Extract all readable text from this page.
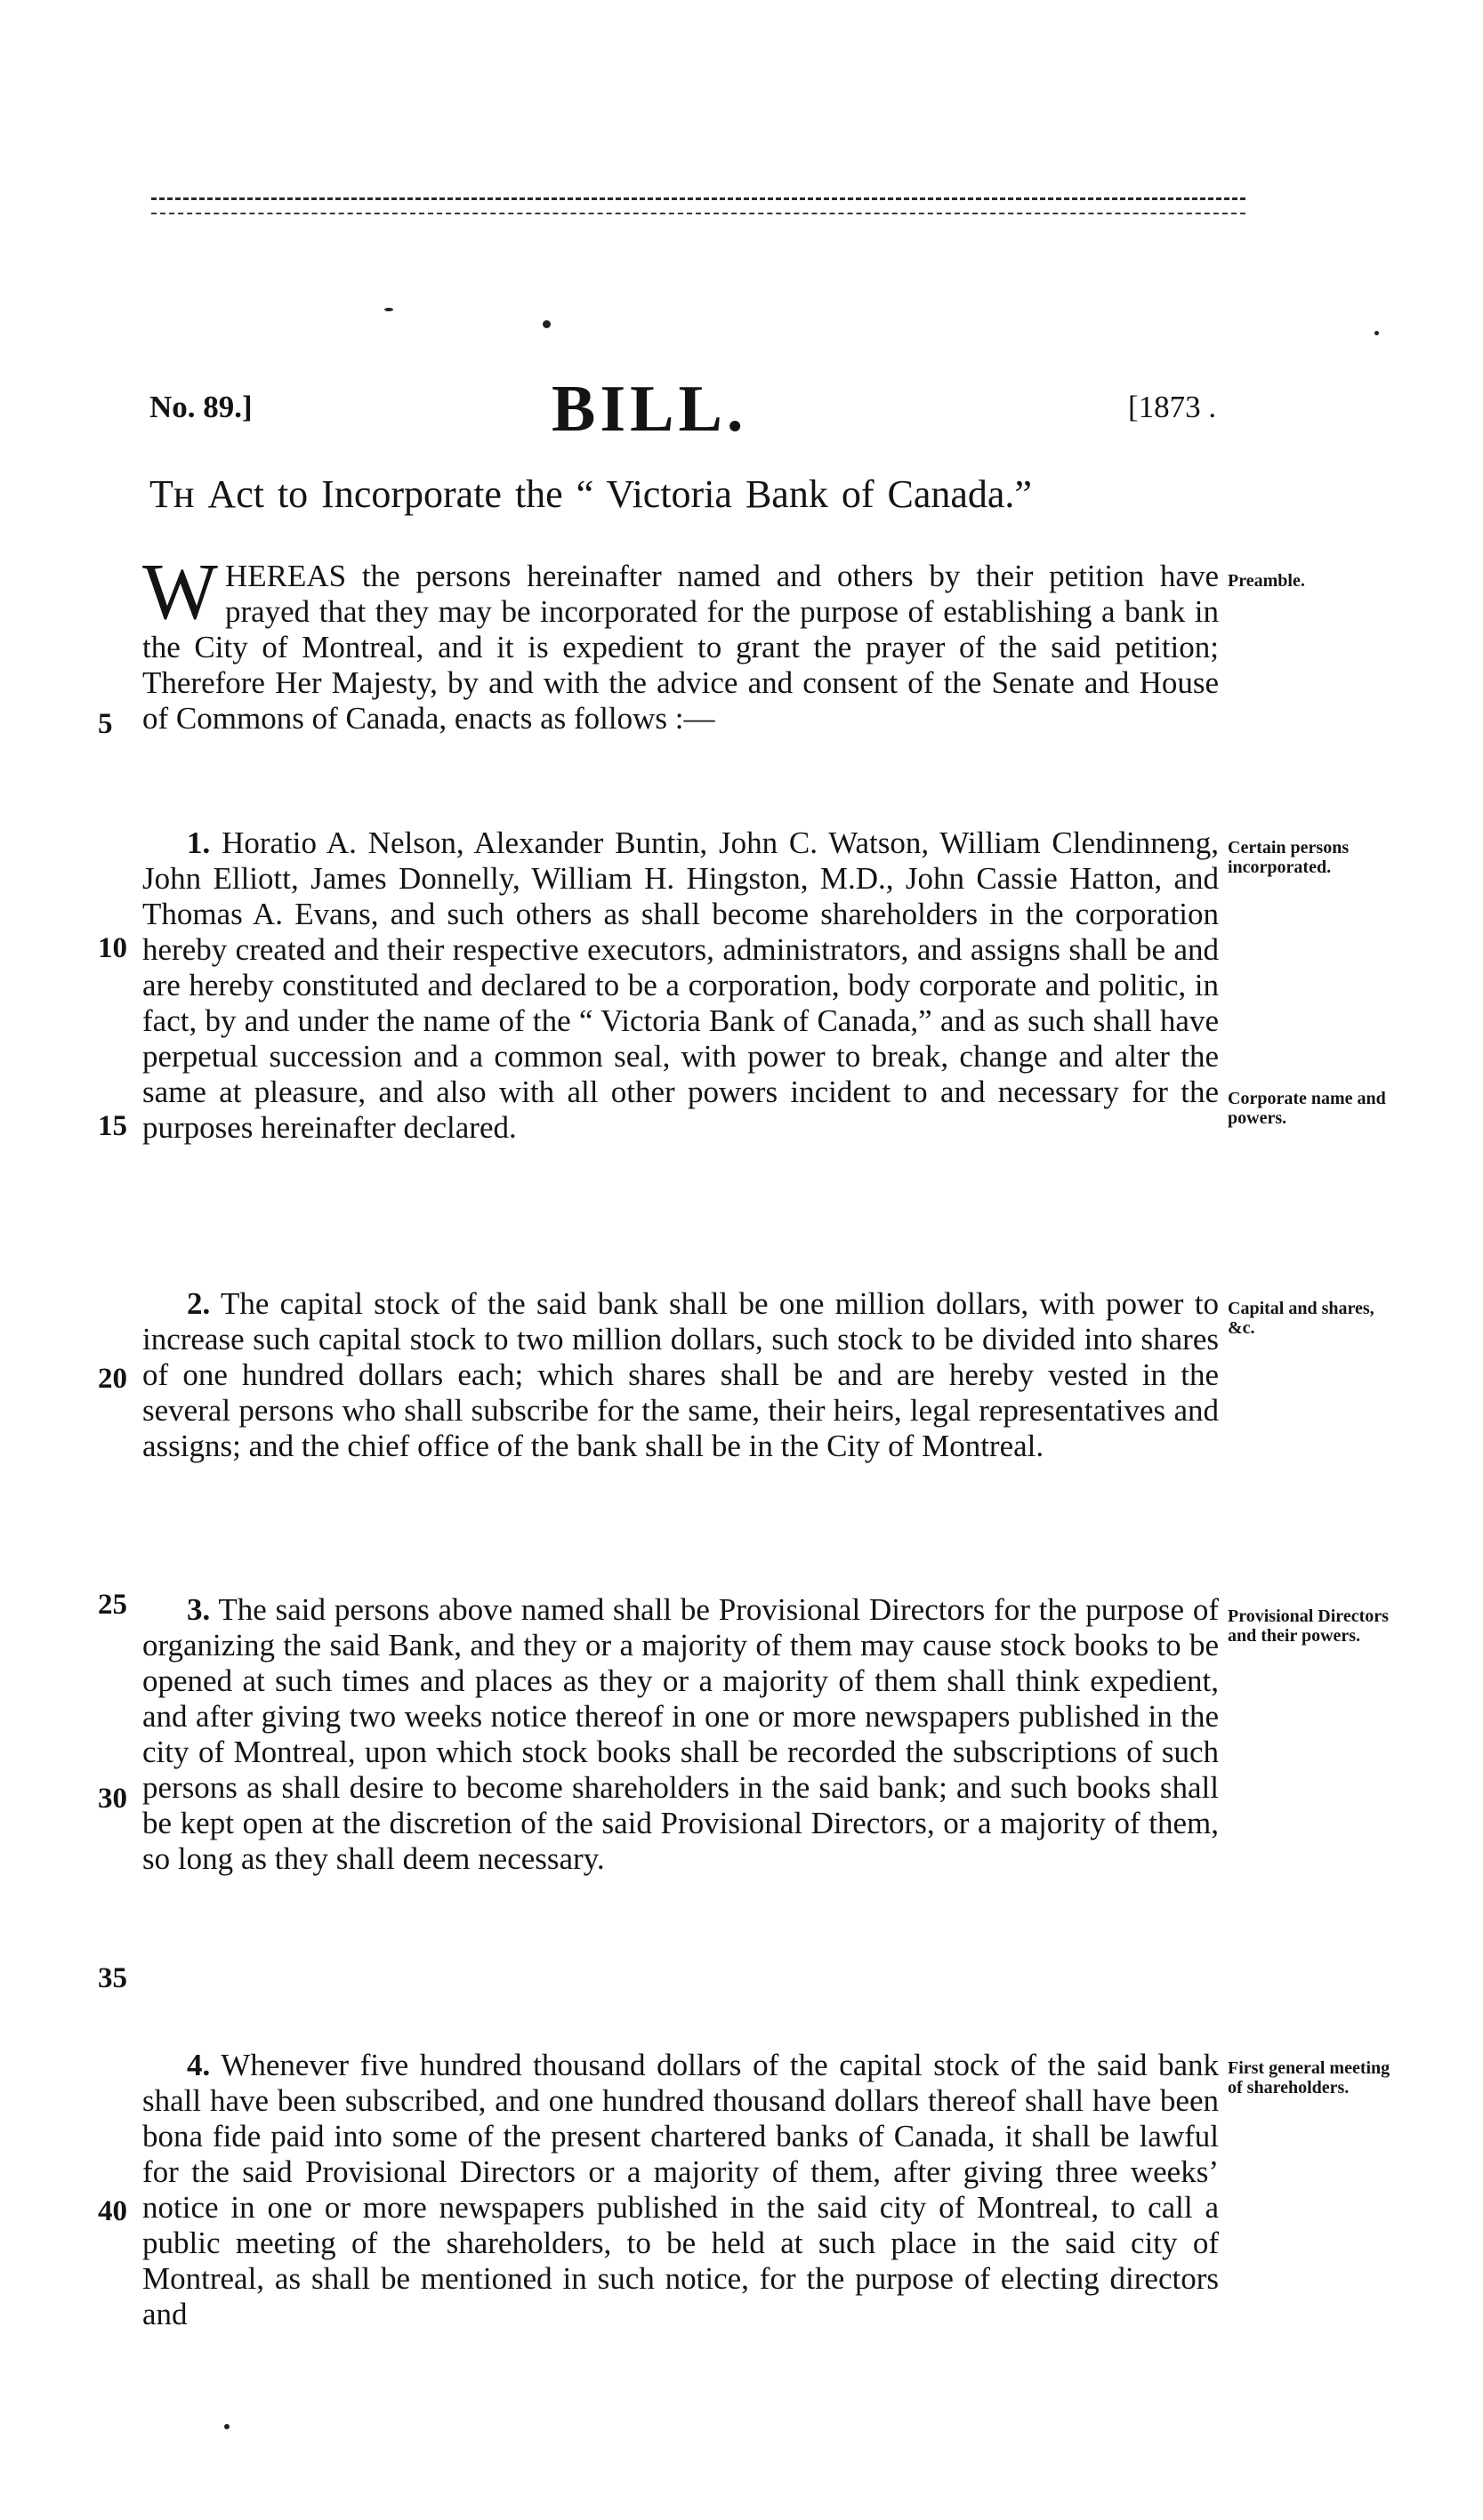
No. 89.]	BILL.	[1873 .
Tн Act to Incorporate the “ Victoria Bank of Canada.”

WHEREAS the persons hereinafter named and others by their petition have prayed that they may be incorporated for the purpose of establishing a bank in the City of Montreal, and it is expedient to grant the prayer of the said petition; Therefore Her Majesty, by and with the advice and consent of the Senate and House of Commons of Canada, enacts as follows :—

Preamble.

1. Horatio A. Nelson, Alexander Buntin, John C. Watson, William Clendinneng, John Elliott, James Donnelly, William H. Hingston, M.D., John Cassie Hatton, and Thomas A. Evans, and such others as shall become shareholders in the corporation hereby created and their respective executors, administrators, and assigns shall be and are hereby constituted and declared to be a corporation, body corporate and politic, in fact, by and under the name of the “ Victoria Bank of Canada,” and as such shall have perpetual succession and a common seal, with power to break, change and alter the same at pleasure, and also with all other powers incident to and necessary for the purposes hereinafter declared.

Certain persons incorporated.
Corporate name and powers.

2. The capital stock of the said bank shall be one million dollars, with power to increase such capital stock to two million dollars, such stock to be divided into shares of one hundred dollars each; which shares shall be and are hereby vested in the several persons who shall subscribe for the same, their heirs, legal representatives and assigns; and the chief office of the bank shall be in the City of Montreal.

Capital and shares, &c.

3. The said persons above named shall be Provisional Directors for the purpose of organizing the said Bank, and they or a majority of them may cause stock books to be opened at such times and places as they or a majority of them shall think expedient, and after giving two weeks notice thereof in one or more newspapers published in the city of Montreal, upon which stock books shall be recorded the subscriptions of such persons as shall desire to become shareholders in the said bank; and such books shall be kept open at the discretion of the said Provisional Directors, or a majority of them, so long as they shall deem necessary.

Provisional Directors and their powers.

4. Whenever five hundred thousand dollars of the capital stock of the said bank shall have been subscribed, and one hundred thousand dollars thereof shall have been bona fide paid into some of the present chartered banks of Canada, it shall be lawful for the said Provisional Directors or a majority of them, after giving three weeks’ notice in one or more newspapers published in the said city of Montreal, to call a public meeting of the shareholders, to be held at such place in the said city of Montreal, as shall be mentioned in such notice, for the purpose of electing directors and

First general meeting of shareholders.
5
10
15
20
25
30
35
40
